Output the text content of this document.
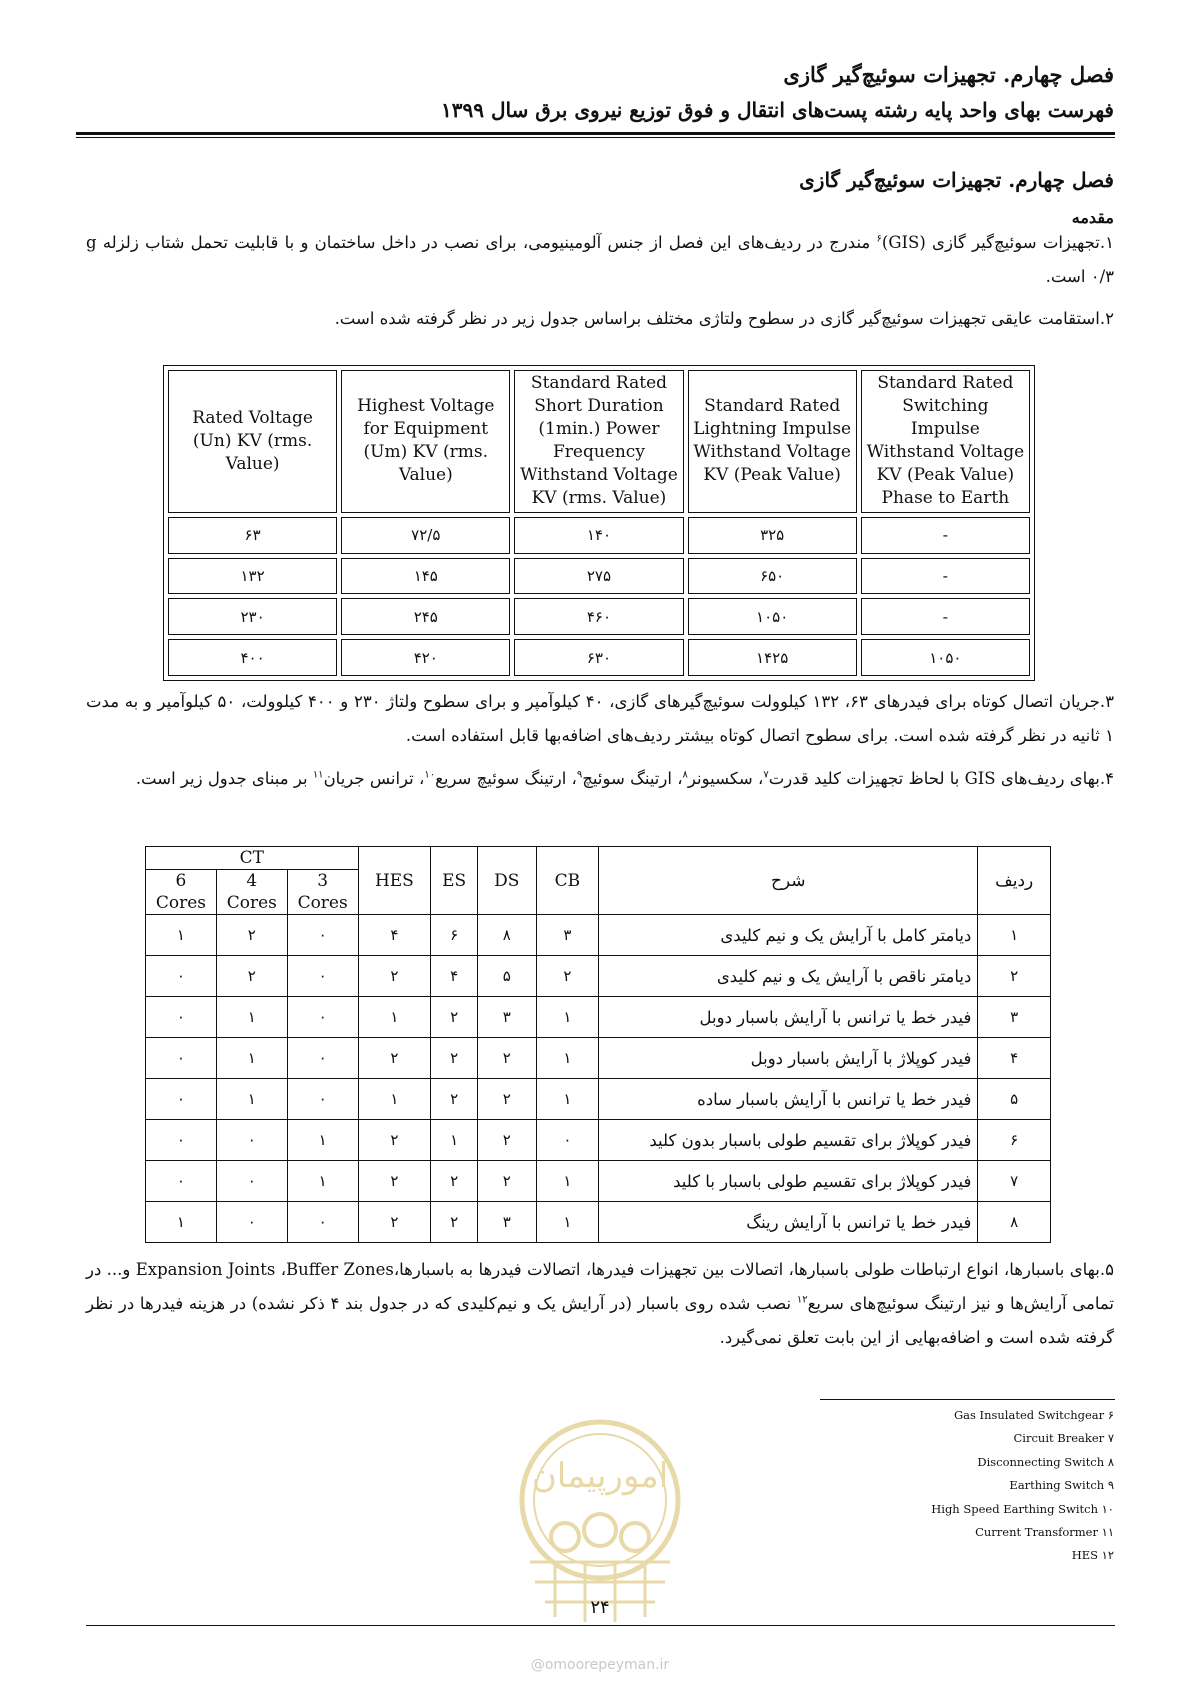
فصل چهارم. تجهیزات سوئیچ‌گیر گازی
فهرست بهای واحد پایه رشته پست‌های انتقال و فوق توزیع نیروی برق سال ۱۳۹۹
فصل چهارم. تجهیزات سوئیچ‌گیر گازی
مقدمه
۱.تجهیزات سوئیچ‌گیر گازی (GIS)$^۶$ مندرج در ردیف‌های این فصل از جنس آلومینیومی، برای نصب در داخل ساختمان و با قابلیت تحمل شتاب زلزله g ۰/۳ است.
۲.استقامت عایقی تجهیزات سوئیچ‌گیر گازی در سطوح ولتاژی مختلف براساس جدول زیر در نظر گرفته شده است.
Rated Voltage (Un) KV (rms. Value)	Highest Voltage for Equipment (Um) KV (rms. Value)	Standard Rated Short Duration (1min.) Power Frequency Withstand Voltage KV (rms. Value)	Standard Rated Lightning Impulse Withstand Voltage KV (Peak Value)	Standard Rated Switching Impulse Withstand Voltage KV (Peak Value) Phase to Earth
۶۳	۷۲/۵	۱۴۰	۳۲۵	-
۱۳۲	۱۴۵	۲۷۵	۶۵۰	-
۲۳۰	۲۴۵	۴۶۰	۱۰۵۰	-
۴۰۰	۴۲۰	۶۳۰	۱۴۲۵	۱۰۵۰
۳.جریان اتصال کوتاه برای فیدرهای ۶۳، ۱۳۲ کیلوولت سوئیچ‌گیرهای گازی، ۴۰ کیلوآمپر و برای سطوح ولتاژ ۲۳۰ و ۴۰۰ کیلوولت، ۵۰ کیلوآمپر و به مدت ۱ ثانیه در نظر گرفته شده است. برای سطوح اتصال کوتاه بیشتر ردیف‌های اضافه‌بها قابل استفاده است.
۴.بهای ردیف‌های GIS با لحاظ تجهیزات کلید قدرت$^۷$، سکسیونر$^۸$، ارتینگ سوئیچ$^۹$، ارتینگ سوئیچ سریع$^{۱۰}$، ترانس جریان$^{۱۱}$ بر مبنای جدول زیر است.
CT			HES	ES	DS	CB	شرح	ردیف
6 Cores	4 Cores	3 Cores						
۱	۲	۰	۴	۶	۸	۳	دیامتر کامل با آرایش یک و نیم کلیدی	۱
۰	۲	۰	۲	۴	۵	۲	دیامتر ناقص با آرایش یک و نیم کلیدی	۲
۰	۱	۰	۱	۲	۳	۱	فیدر خط یا ترانس با آرایش باسبار دوبل	۳
۰	۱	۰	۲	۲	۲	۱	فیدر کوپلاژ با آرایش باسبار دوبل	۴
۰	۱	۰	۱	۲	۲	۱	فیدر خط یا ترانس با آرایش باسبار ساده	۵
۰	۰	۱	۲	۱	۲	۰	فیدر کوپلاژ برای تقسیم طولی باسبار بدون کلید	۶
۰	۰	۱	۲	۲	۲	۱	فیدر کوپلاژ برای تقسیم طولی باسبار با کلید	۷
۱	۰	۰	۲	۲	۳	۱	فیدر خط یا ترانس با آرایش رینگ	۸
۵.بهای باسبارها، انواع ارتباطات طولی باسبارها، اتصالات بین تجهیزات فیدرها، اتصالات فیدرها به باسبارها،Expansion Joints ،Buffer Zones و... در تمامی آرایش‌ها و نیز ارتینگ سوئیچ‌های سریع$^{۱۲}$ نصب شده روی باسبار (در آرایش یک و نیم‌کلیدی که در جدول بند ۴ ذکر نشده) در هزینه فیدرها در نظر گرفته شده است و اضافه‌بهایی از این بابت تعلق نمی‌گیرد.
Gas Insulated Switchgear ۶
Circuit Breaker ۷
Disconnecting Switch ۸
Earthing Switch ۹
High Speed Earthing Switch ۱۰
Current Transformer ۱۱
HES ۱۲
امورپیمان
۲۴
@omoorepeyman.ir
